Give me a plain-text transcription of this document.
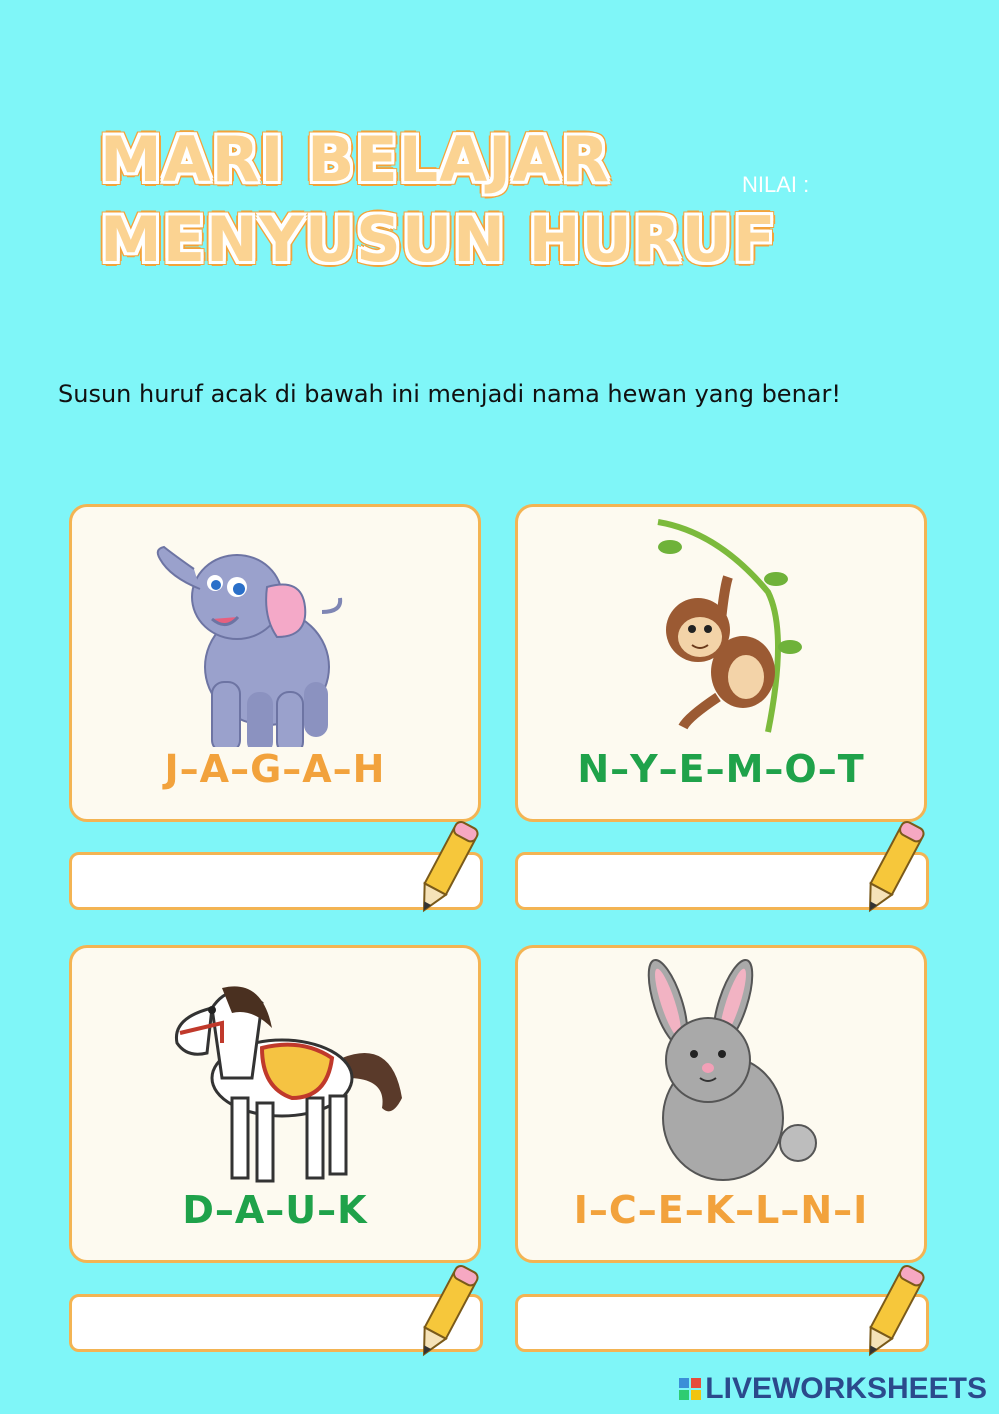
MARI BELAJAR
MENYUSUN HURUF
NILAI :
Susun huruf acak di bawah ini menjadi nama hewan yang benar!
J–A–G–A–H	N–Y–E–M–O–T
D–A–U–K	I–C–E–K–L–N–I
LIVEWORKSHEETS
